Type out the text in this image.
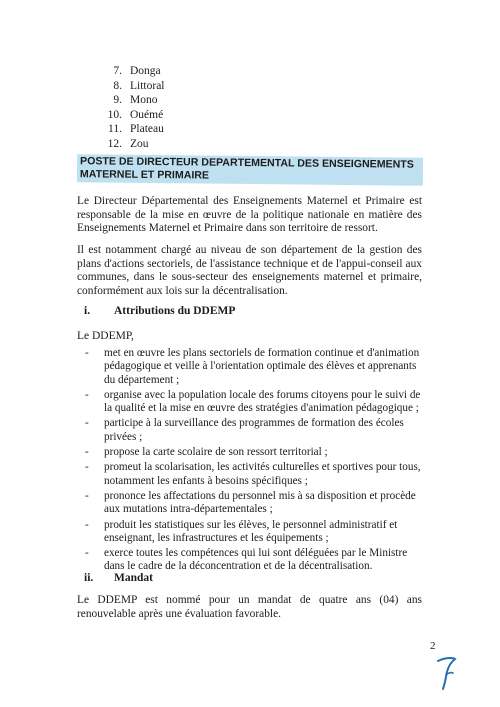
7. Donga
8. Littoral
9. Mono
10. Ouémé
11. Plateau
12. Zou
POSTE DE DIRECTEUR DEPARTEMENTAL DES ENSEIGNEMENTS MATERNEL ET PRIMAIRE
Le Directeur Départemental des Enseignements Maternel et Primaire est responsable de la mise en œuvre de la politique nationale en matière des Enseignements Maternel et Primaire dans son territoire de ressort.
Il est notamment chargé au niveau de son département de la gestion des plans d'actions sectoriels, de l'assistance technique et de l'appui-conseil aux communes, dans le sous-secteur des enseignements maternel et primaire, conformément aux lois sur la décentralisation.
i.	Attributions du DDEMP
Le DDEMP,
-	met en œuvre les plans sectoriels de formation continue et d'animation pédagogique et veille à l'orientation optimale des élèves et apprenants du département ;
-	organise avec la population locale des forums citoyens pour le suivi de la qualité et la mise en œuvre des stratégies d'animation pédagogique ;
-	participe à la surveillance des programmes de formation des écoles privées ;
-	propose la carte scolaire de son ressort territorial ;
-	promeut la scolarisation, les activités culturelles et sportives pour tous, notamment les enfants à besoins spécifiques ;
-	prononce les affectations du personnel mis à sa disposition et procède aux mutations intra-départementales ;
-	produit les statistiques sur les élèves, le personnel administratif et enseignant, les infrastructures et les équipements ;
-	exerce toutes les compétences qui lui sont déléguées par le Ministre dans le cadre de la déconcentration et de la décentralisation.
ii.	Mandat
Le DDEMP est nommé pour un mandat de quatre ans (04) ans renouvelable après une évaluation favorable.
2
